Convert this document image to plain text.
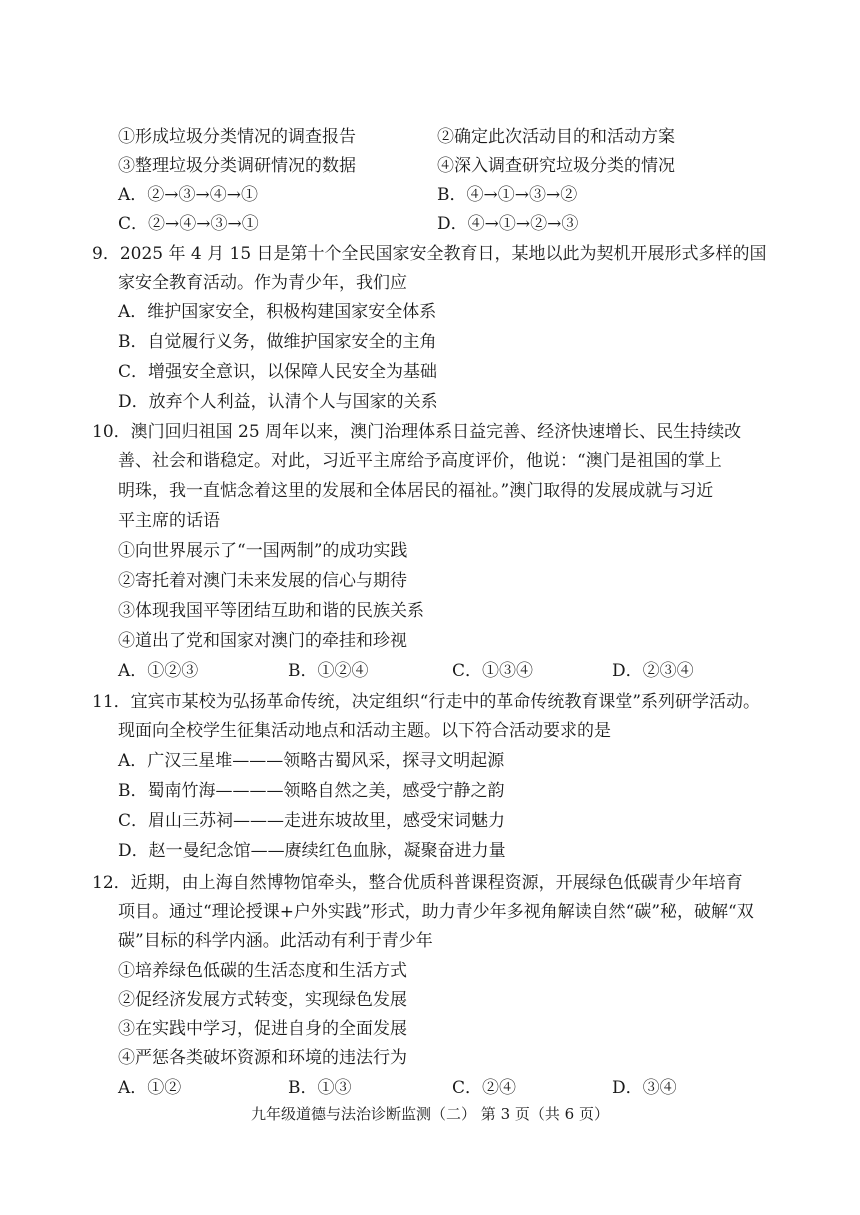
①形成垃圾分类情况的调查报告	②确定此次活动目的和活动方案
③整理垃圾分类调研情况的数据	④深入调查研究垃圾分类的情况
A．②→③→④→①	B．④→①→③→②
C．②→④→③→①	D．④→①→②→③
9．2025 年 4 月 15 日是第十个全民国家安全教育日，某地以此为契机开展形式多样的国
家安全教育活动。作为青少年，我们应
A．维护国家安全，积极构建国家安全体系
B．自觉履行义务，做维护国家安全的主角
C．增强安全意识，以保障人民安全为基础
D．放弃个人利益，认清个人与国家的关系
10．澳门回归祖国 25 周年以来，澳门治理体系日益完善、经济快速增长、民生持续改
善、社会和谐稳定。对此，习近平主席给予高度评价，他说：“澳门是祖国的掌上
明珠，我一直惦念着这里的发展和全体居民的福祉。”澳门取得的发展成就与习近
平主席的话语
①向世界展示了“一国两制”的成功实践
②寄托着对澳门未来发展的信心与期待
③体现我国平等团结互助和谐的民族关系
④道出了党和国家对澳门的牵挂和珍视
A．①②③	B．①②④	C．①③④	D．②③④
11．宜宾市某校为弘扬革命传统，决定组织“行走中的革命传统教育课堂”系列研学活动。
现面向全校学生征集活动地点和活动主题。以下符合活动要求的是
A．广汉三星堆———领略古蜀风采，探寻文明起源
B．蜀南竹海————领略自然之美，感受宁静之韵
C．眉山三苏祠———走进东坡故里，感受宋词魅力
D．赵一曼纪念馆——赓续红色血脉，凝聚奋进力量
12．近期，由上海自然博物馆牵头，整合优质科普课程资源，开展绿色低碳青少年培育
项目。通过“理论授课+户外实践”形式，助力青少年多视角解读自然“碳”秘，破解“双
碳”目标的科学内涵。此活动有利于青少年
①培养绿色低碳的生活态度和生活方式
②促经济发展方式转变，实现绿色发展
③在实践中学习，促进自身的全面发展
④严惩各类破坏资源和环境的违法行为
A．①②	B．①③	C．②④	D．③④
九年级道德与法治诊断监测（二） 第 3 页（共 6 页）
